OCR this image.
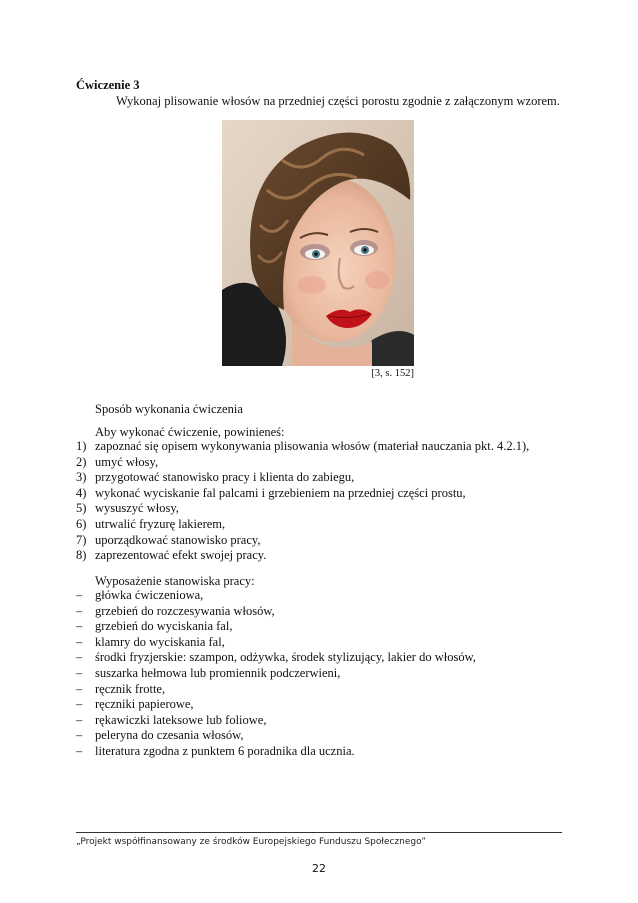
Ćwiczenie 3
Wykonaj plisowanie włosów na przedniej części porostu zgodnie z załączonym wzorem.
[3, s. 152]
Sposób wykonania ćwiczenia
Aby wykonać ćwiczenie, powinieneś:
1) zapoznać się opisem wykonywania plisowania włosów (materiał nauczania pkt. 4.2.1),
2) umyć włosy,
3) przygotować stanowisko pracy i klienta do zabiegu,
4) wykonać wyciskanie fal palcami i grzebieniem na przedniej części prostu,
5) wysuszyć włosy,
6) utrwalić fryzurę lakierem,
7) uporządkować stanowisko pracy,
8) zaprezentować efekt swojej pracy.
Wyposażenie stanowiska pracy:
– główka ćwiczeniowa,
– grzebień do rozczesywania włosów,
– grzebień do wyciskania fal,
– klamry do wyciskania fal,
– środki fryzjerskie: szampon, odżywka, środek stylizujący, lakier do włosów,
– suszarka hełmowa lub promiennik podczerwieni,
– ręcznik frotte,
– ręczniki papierowe,
– rękawiczki lateksowe lub foliowe,
– peleryna do czesania włosów,
– literatura zgodna z punktem 6 poradnika dla ucznia.
„Projekt współfinansowany ze środków Europejskiego Funduszu Społecznego”
22
